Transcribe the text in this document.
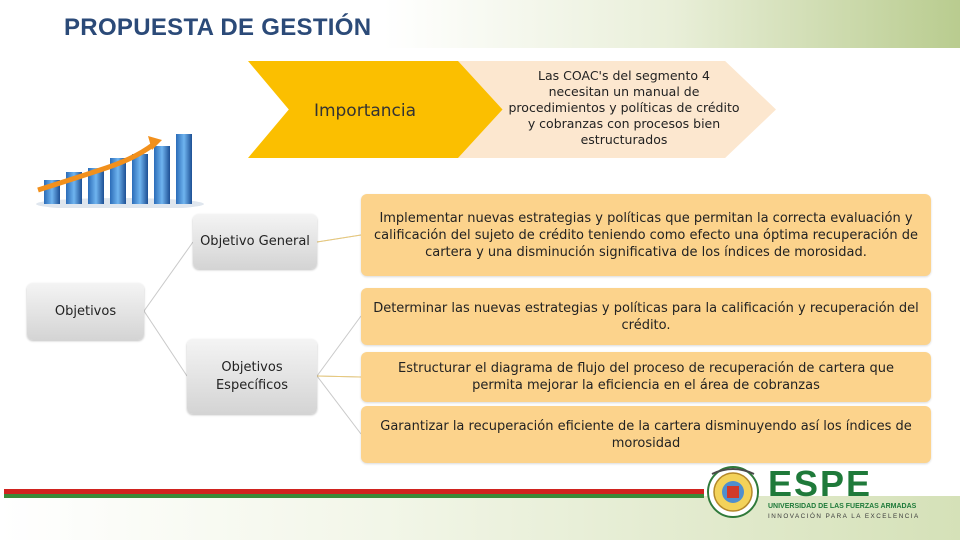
PROPUESTA DE GESTIÓN
Importancia
Las COAC's del segmento 4 necesitan un manual de procedimientos y políticas de crédito y cobranzas con procesos bien estructurados
Objetivo General
Objetivos
Objetivos Específicos
Implementar nuevas estrategias y políticas que permitan la correcta evaluación y calificación del sujeto de crédito teniendo como efecto una óptima recuperación de cartera y una disminución significativa de los índices de morosidad.
Determinar las nuevas estrategias y políticas para la calificación y recuperación del crédito.
Estructurar el diagrama de flujo del proceso de recuperación de cartera que permita mejorar la eficiencia en el área de cobranzas
Garantizar la recuperación eficiente de la cartera disminuyendo así los índices de morosidad
ESPE
UNIVERSIDAD DE LAS FUERZAS ARMADAS
INNOVACIÓN PARA LA EXCELENCIA
